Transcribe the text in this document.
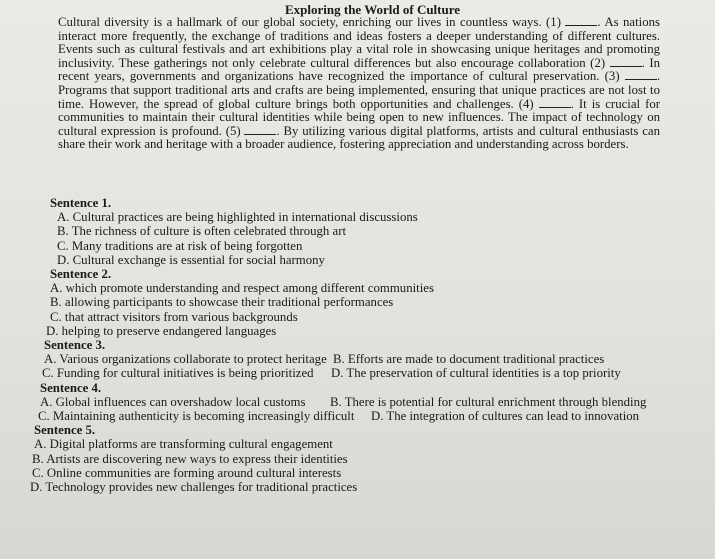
Exploring the World of Culture

Cultural diversity is a hallmark of our global society, enriching our lives in countless ways. (1)	. As nations interact more frequently, the exchange of traditions and ideas fosters a deeper understanding of different cultures. Events such as cultural festivals and art exhibitions play a vital role in showcasing unique heritages and promoting inclusivity. These gatherings not only celebrate cultural differences but also encourage collaboration (2)	. In recent years, governments and organizations have recognized the importance of cultural preservation. (3)	. Programs that support traditional arts and crafts are being implemented, ensuring that unique practices are not lost to time. However, the spread of global culture brings both opportunities and challenges. (4)	. It is crucial for communities to maintain their cultural identities while being open to new influences. The impact of technology on cultural expression is profound. (5)	. By utilizing various digital platforms, artists and cultural enthusiasts can share their work and heritage with a broader audience, fostering appreciation and understanding across borders.

Sentence 1.

A. Cultural practices are being highlighted in international discussions

B. The richness of culture is often celebrated through art

C. Many traditions are at risk of being forgotten

D. Cultural exchange is essential for social harmony

Sentence 2.

A. which promote understanding and respect among different communities

B. allowing participants to showcase their traditional performances

C. that attract visitors from various backgrounds

D. helping to preserve endangered languages

Sentence 3.

A. Various organizations collaborate to protect heritage B. Efforts are made to document traditional practices
C. Funding for cultural initiatives is being prioritized	D. The preservation of cultural identities is a top priority

Sentence 4.

A. Global influences can overshadow local customs	B. There is potential for cultural enrichment through blending
C. Maintaining authenticity is becoming increasingly difficult	D. The integration of cultures can lead to innovation

Sentence 5.

A. Digital platforms are transforming cultural engagement

B. Artists are discovering new ways to express their identities

C. Online communities are forming around cultural interests

D. Technology provides new challenges for traditional practices
